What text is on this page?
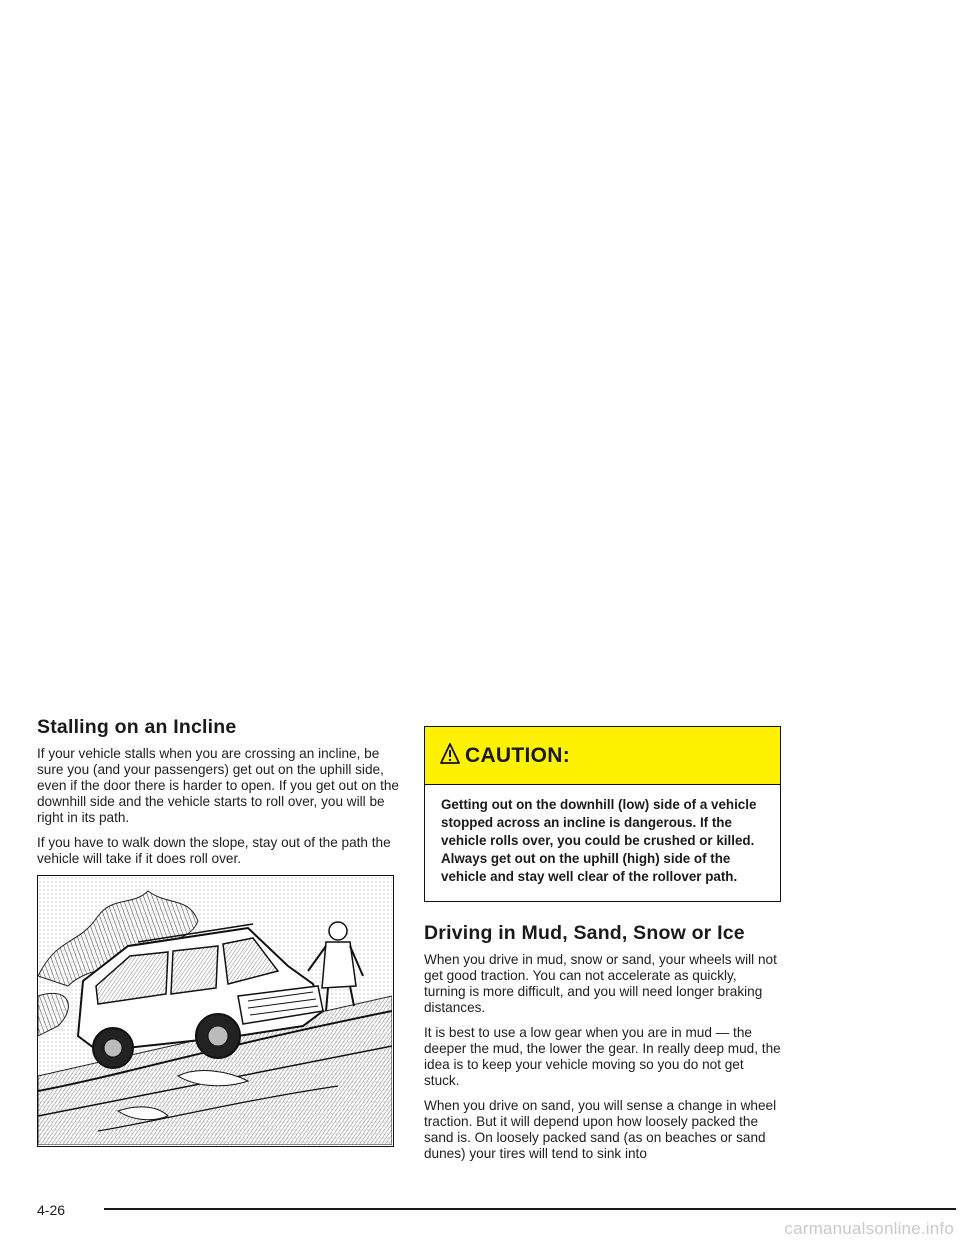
Stalling on an Incline

If your vehicle stalls when you are crossing an incline, be sure you (and your passengers) get out on the uphill side, even if the door there is harder to open. If you get out on the downhill side and the vehicle starts to roll over, you will be right in its path.

If you have to walk down the slope, stay out of the path the vehicle will take if it does roll over.

CAUTION:
Getting out on the downhill (low) side of a vehicle stopped across an incline is dangerous. If the vehicle rolls over, you could be crushed or killed. Always get out on the uphill (high) side of the vehicle and stay well clear of the rollover path.
Driving in Mud, Sand, Snow or Ice

When you drive in mud, snow or sand, your wheels will not get good traction. You can not accelerate as quickly, turning is more difficult, and you will need longer braking distances.

It is best to use a low gear when you are in mud — the deeper the mud, the lower the gear. In really deep mud, the idea is to keep your vehicle moving so you do not get stuck.

When you drive on sand, you will sense a change in wheel traction. But it will depend upon how loosely packed the sand is. On loosely packed sand (as on beaches or sand dunes) your tires will tend to sink into

4-26
carmanualsonline.info
